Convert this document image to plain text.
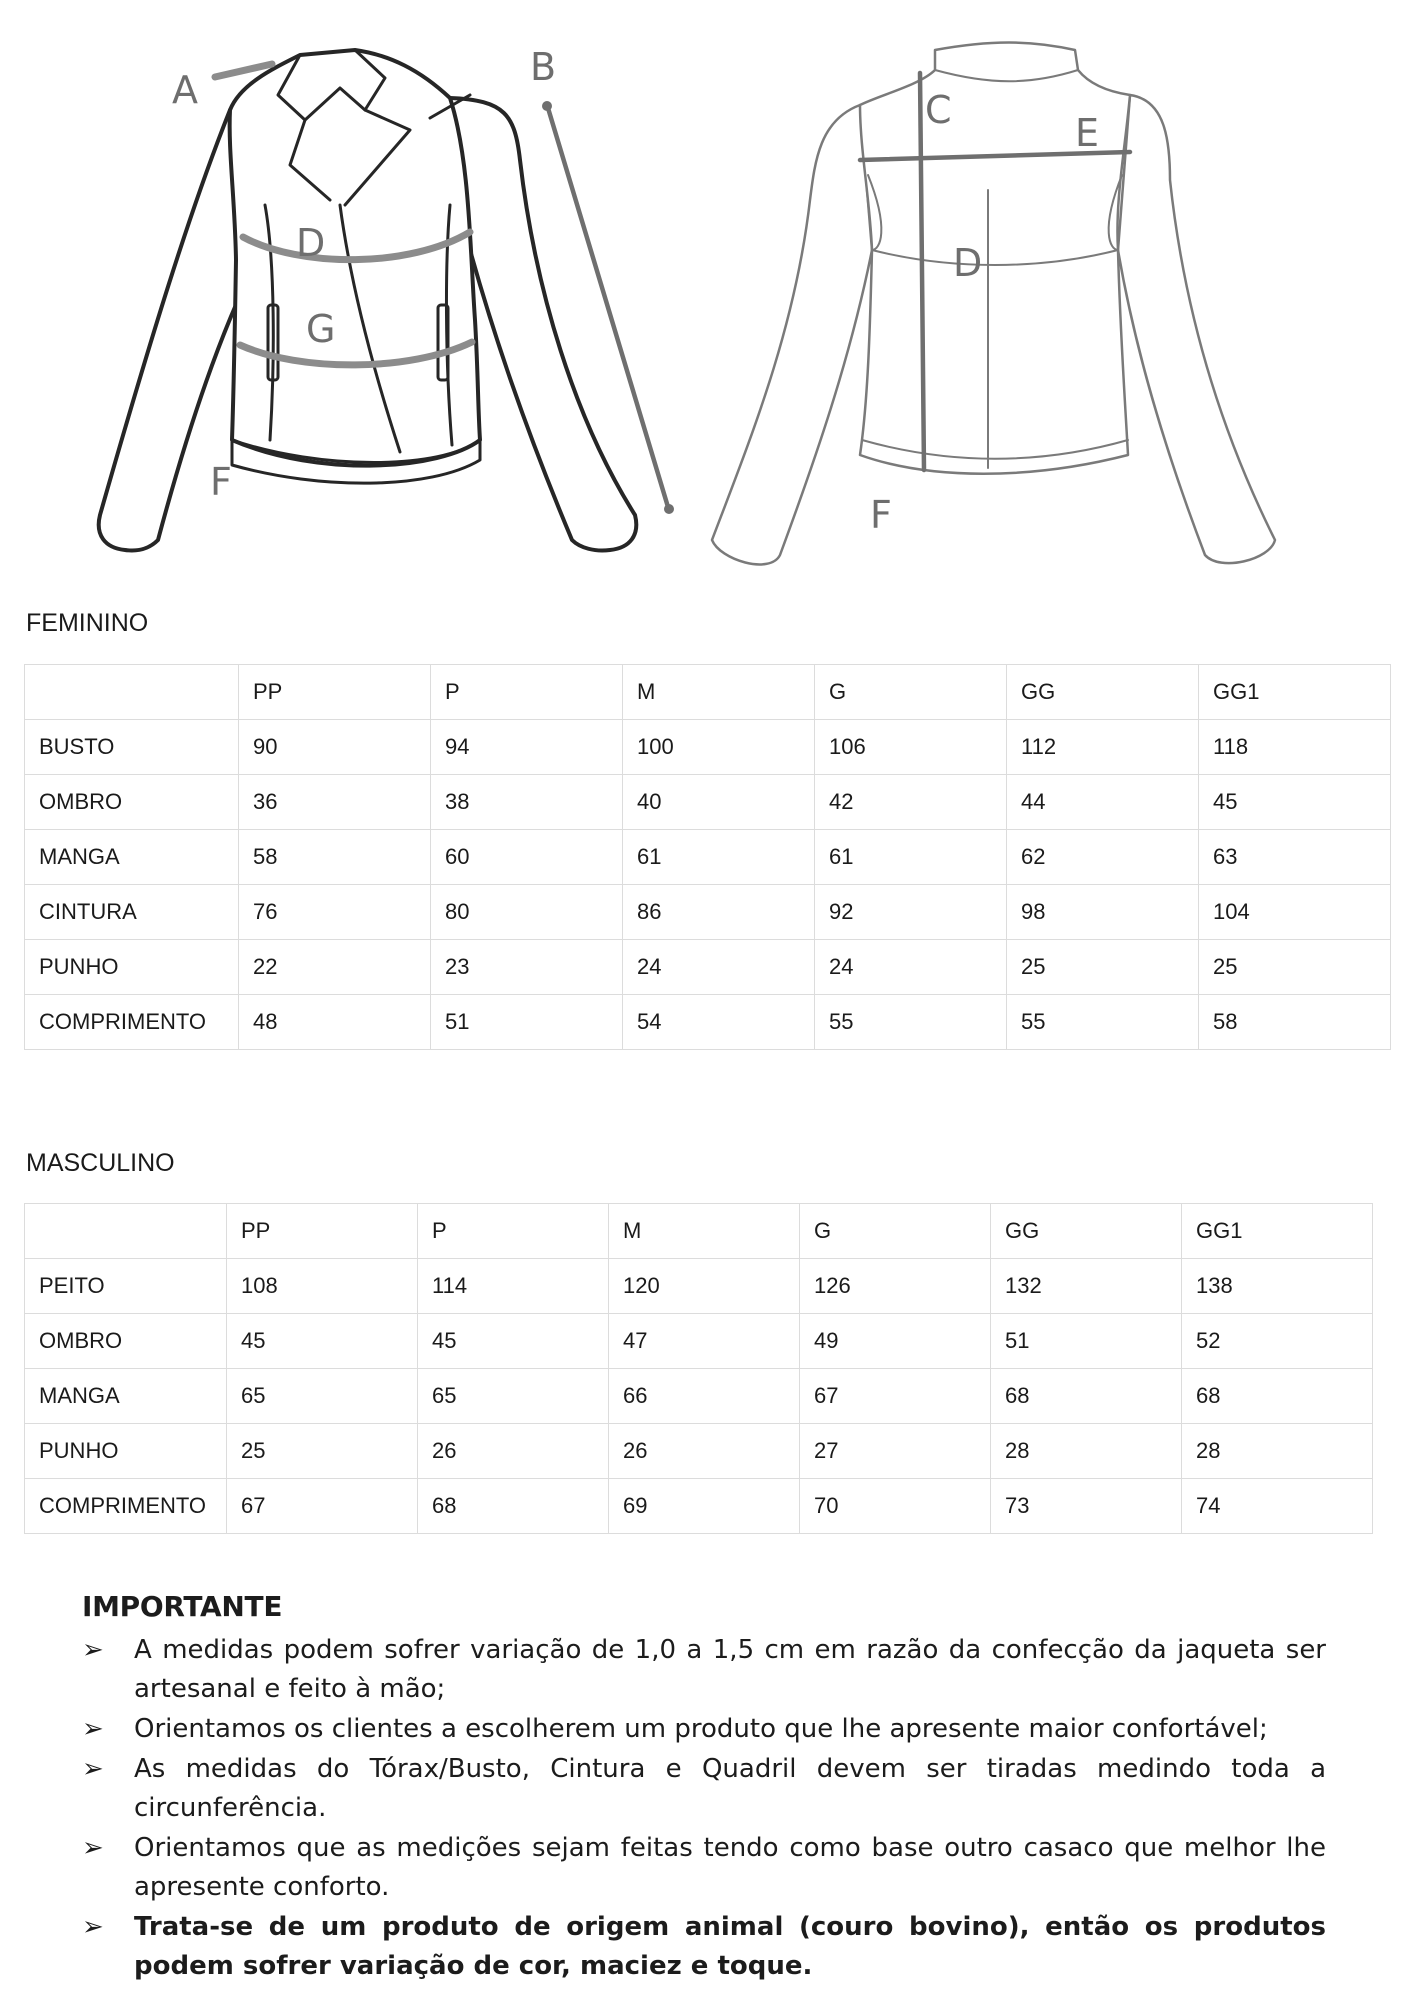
A
B
D
G
F
C
E
D
F
FEMININO
	PP	P	M	G	GG	GG1
BUSTO	90	94	100	106	112	118
OMBRO	36	38	40	42	44	45
MANGA	58	60	61	61	62	63
CINTURA	76	80	86	92	98	104
PUNHO	22	23	24	24	25	25
COMPRIMENTO	48	51	54	55	55	58
MASCULINO
	PP	P	M	G	GG	GG1
PEITO	108	114	120	126	132	138
OMBRO	45	45	47	49	51	52
MANGA	65	65	66	67	68	68
PUNHO	25	26	26	27	28	28
COMPRIMENTO	67	68	69	70	73	74
IMPORTANTE
➢ A medidas podem sofrer variação de 1,0 a 1,5 cm em razão da confecção da jaqueta ser artesanal e feito à mão;
➢ Orientamos os clientes a escolherem um produto que lhe apresente maior confortável;
➢ As medidas do Tórax/Busto, Cintura e Quadril devem ser tiradas medindo toda a circunferência.
➢ Orientamos que as medições sejam feitas tendo como base outro casaco que melhor lhe apresente conforto.
➢ Trata-se de um produto de origem animal (couro bovino), então os produtos podem sofrer variação de cor, maciez e toque.
